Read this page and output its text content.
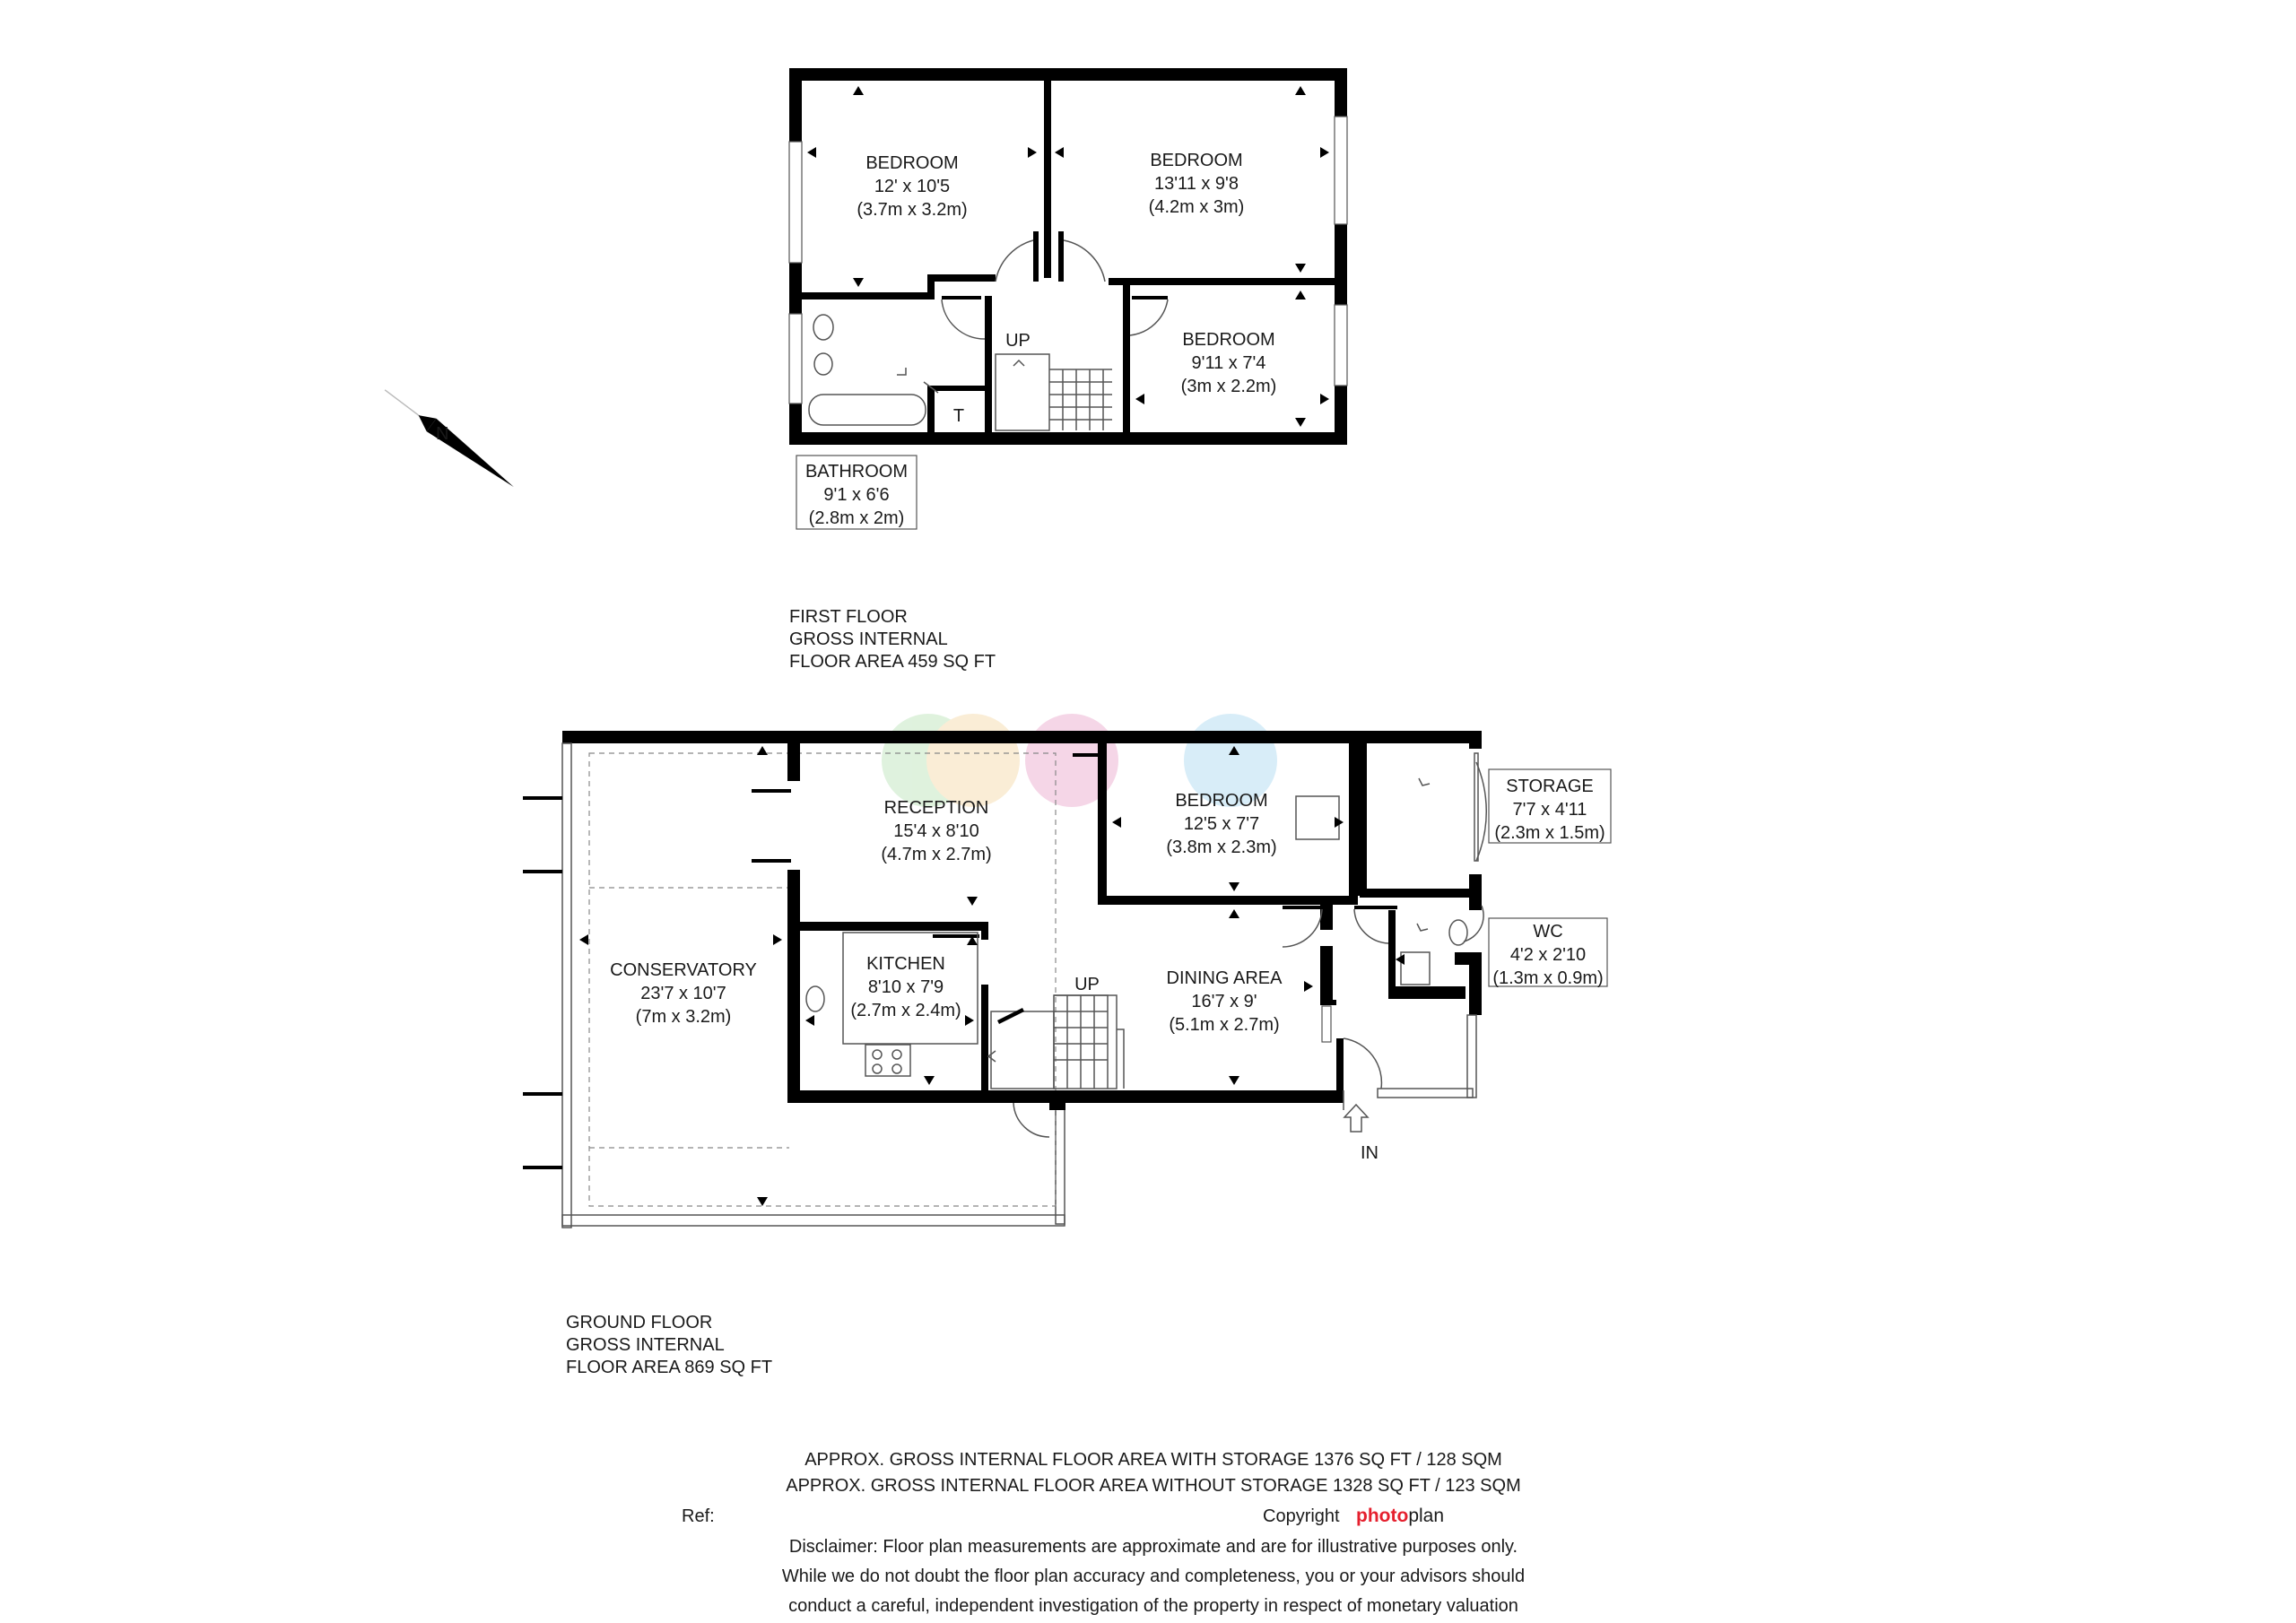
BEDROOM
12' x 10'5
(3.7m x 3.2m)
BEDROOM
13'11 x 9'8
(4.2m x 3m)
BEDROOM
9'11 x 7'4
(3m x 2.2m)
BATHROOM
9'1 x 6'6
(2.8m x 2m)
UP
T
FIRST FLOOR
GROSS INTERNAL
FLOOR AREA 459 SQ FT
N
RECEPTION
15'4 x 8'10
(4.7m x 2.7m)
BEDROOM
12'5 x 7'7
(3.8m x 2.3m)
STORAGE
7'7 x 4'11
(2.3m x 1.5m)
WC
4'2 x 2'10
(1.3m x 0.9m)
CONSERVATORY
23'7 x 10'7
(7m x 3.2m)
KITCHEN
8'10 x 7'9
(2.7m x 2.4m)
DINING AREA
16'7 x 9'
(5.1m x 2.7m)
UP
IN
GROUND FLOOR
GROSS INTERNAL
FLOOR AREA 869 SQ FT
APPROX. GROSS INTERNAL FLOOR AREA WITH STORAGE 1376 SQ FT / 128 SQM
APPROX. GROSS INTERNAL FLOOR AREA WITHOUT STORAGE 1328 SQ FT / 123 SQM
Ref:	Copyright photoplan
Disclaimer: Floor plan measurements are approximate and are for illustrative purposes only.
While we do not doubt the floor plan accuracy and completeness, you or your advisors should
conduct a careful, independent investigation of the property in respect of monetary valuation
